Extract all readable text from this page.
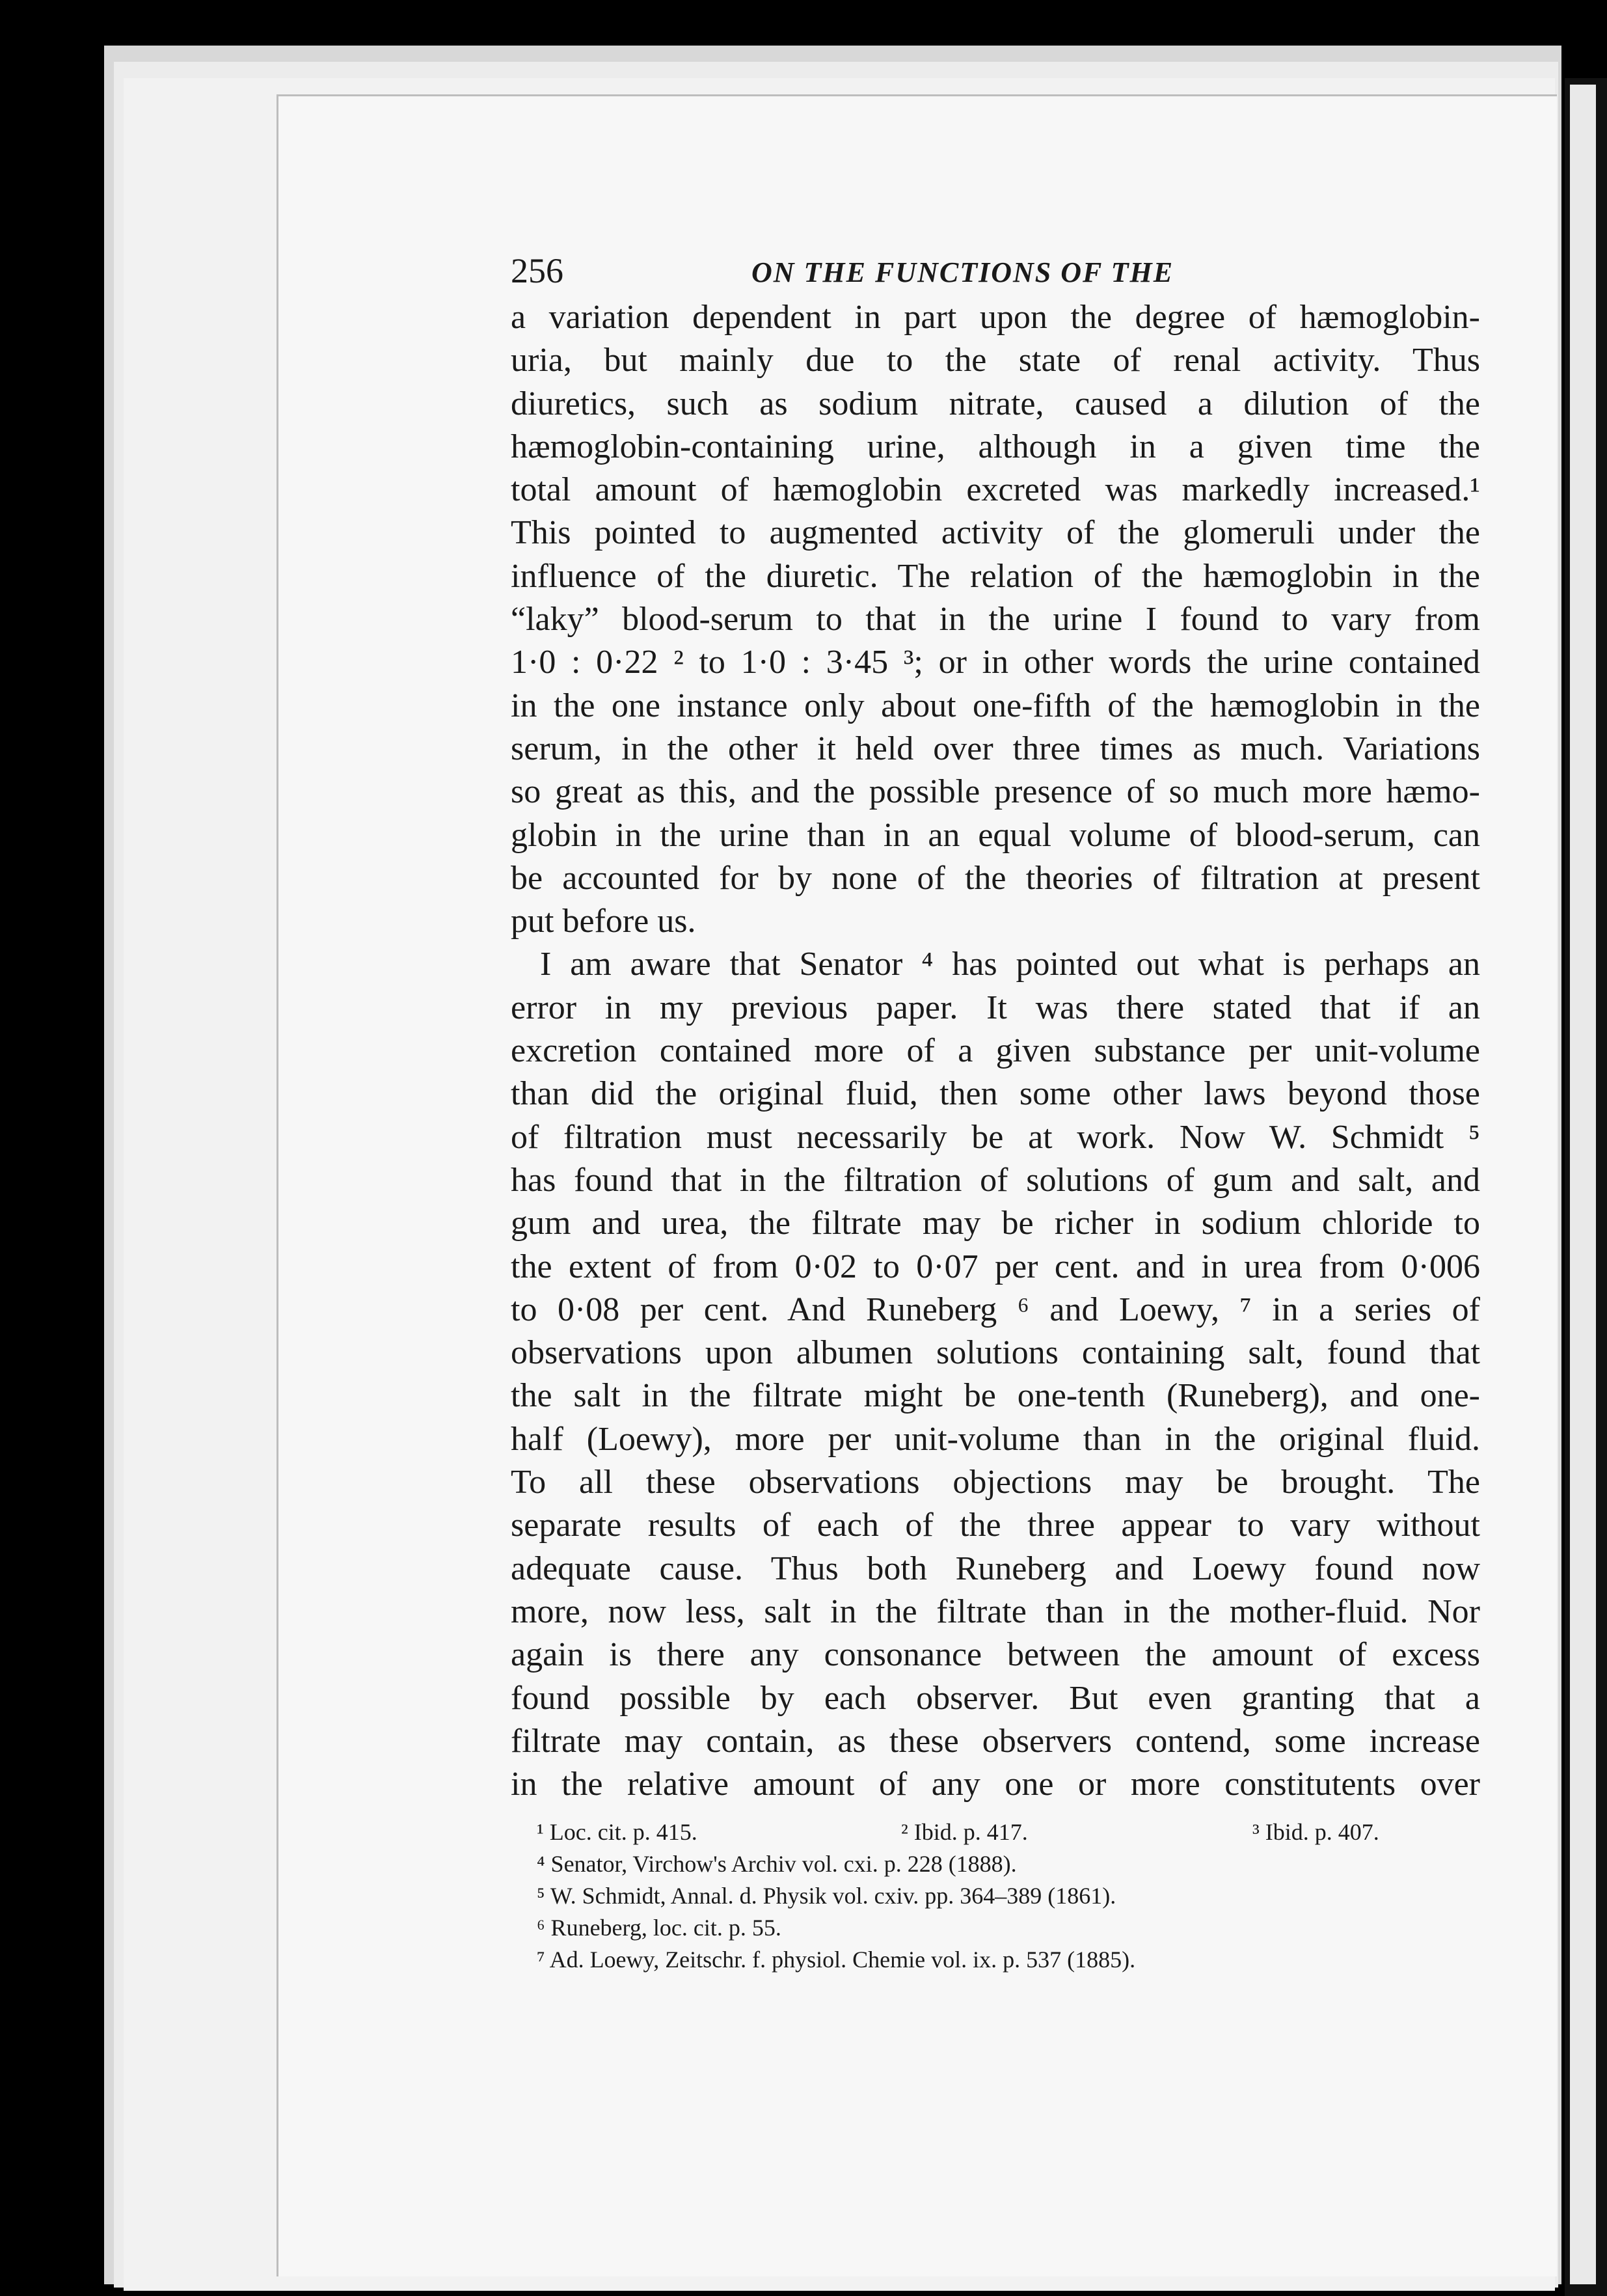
256	ON THE FUNCTIONS OF THE
a variation dependent in part upon the degree of hæmoglobin-
uria, but mainly due to the state of renal activity. Thus
diuretics, such as sodium nitrate, caused a dilution of the
hæmoglobin-containing urine, although in a given time the
total amount of hæmoglobin excreted was markedly increased.¹
This pointed to augmented activity of the glomeruli under the
influence of the diuretic. The relation of the hæmoglobin in the
“laky” blood-serum to that in the urine I found to vary from
1·0 : 0·22 ² to 1·0 : 3·45 ³; or in other words the urine contained
in the one instance only about one-fifth of the hæmoglobin in the
serum, in the other it held over three times as much. Variations
so great as this, and the possible presence of so much more hæmo-
globin in the urine than in an equal volume of blood-serum, can
be accounted for by none of the theories of filtration at present
put before us.
I am aware that Senator ⁴ has pointed out what is perhaps an
error in my previous paper. It was there stated that if an
excretion contained more of a given substance per unit-volume
than did the original fluid, then some other laws beyond those
of filtration must necessarily be at work. Now W. Schmidt ⁵
has found that in the filtration of solutions of gum and salt, and
gum and urea, the filtrate may be richer in sodium chloride to
the extent of from 0·02 to 0·07 per cent. and in urea from 0·006
to 0·08 per cent. And Runeberg ⁶ and Loewy, ⁷ in a series of
observations upon albumen solutions containing salt, found that
the salt in the filtrate might be one-tenth (Runeberg), and one-
half (Loewy), more per unit-volume than in the original fluid.
To all these observations objections may be brought. The
separate results of each of the three appear to vary without
adequate cause. Thus both Runeberg and Loewy found now
more, now less, salt in the filtrate than in the mother-fluid. Nor
again is there any consonance between the amount of excess
found possible by each observer. But even granting that a
filtrate may contain, as these observers contend, some increase
in the relative amount of any one or more constitutents over
¹ Loc. cit. p. 415.	² Ibid. p. 417.	³ Ibid. p. 407.
⁴ Senator, Virchow's Archiv vol. cxi. p. 228 (1888).
⁵ W. Schmidt, Annal. d. Physik vol. cxiv. pp. 364–389 (1861).
⁶ Runeberg, loc. cit. p. 55.
⁷ Ad. Loewy, Zeitschr. f. physiol. Chemie vol. ix. p. 537 (1885).
